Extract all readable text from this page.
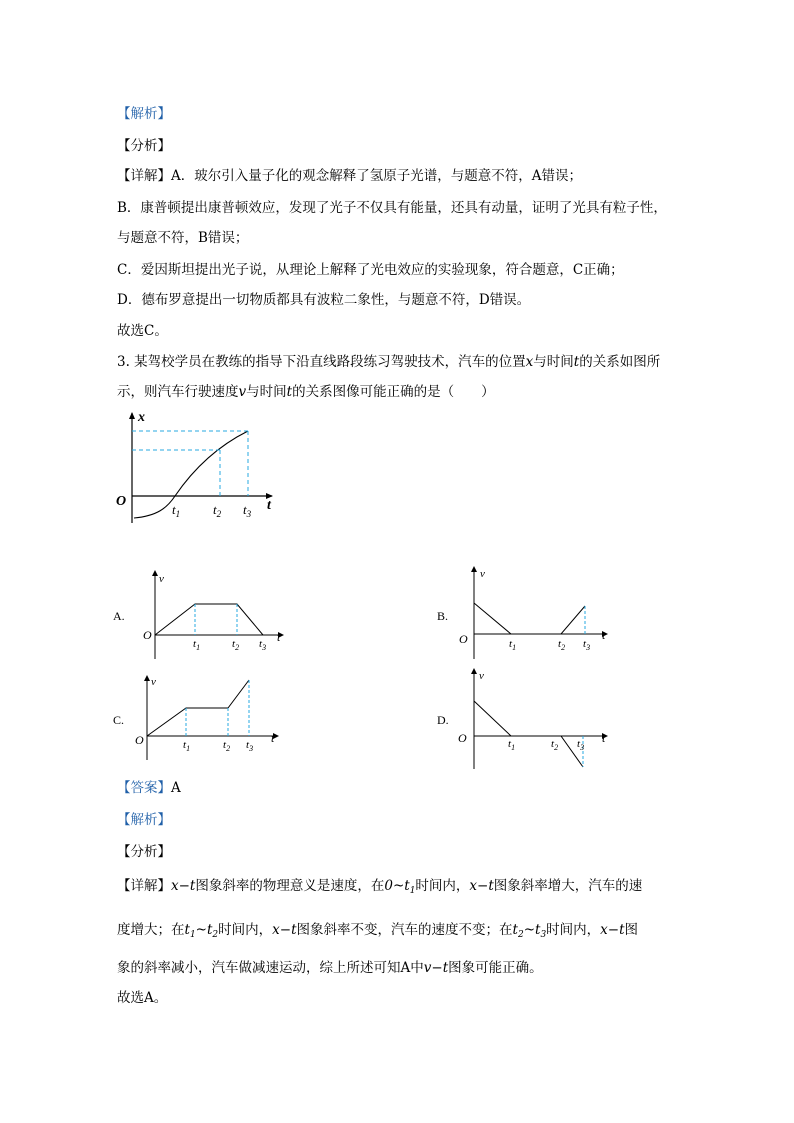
【解析】
【分析】
【详解】A．玻尔引入量子化的观念解释了氢原子光谱，与题意不符，A错误；
B．康普顿提出康普顿效应，发现了光子不仅具有能量，还具有动量，证明了光具有粒子性，
与题意不符，B错误；
C．爱因斯坦提出光子说，从理论上解释了光电效应的实验现象，符合题意，C正确；
D．德布罗意提出一切物质都具有波粒二象性，与题意不符，D错误。
故选C。
3. 某驾校学员在教练的指导下沿直线路段练习驾驶技术，汽车的位置x与时间t的关系如图所
示，则汽车行驶速度v与时间t的关系图像可能正确的是（　　）
x
t
O
$t_1$	$t_2$ $t_3$
A.
v
t
O
$t_1$	$t_2$ $t_3$
B.
v
t
O	$t_1$	$t_2$ $t_3$
C.
v
t
O	$t_1$	$t_2$ $t_3$
D.
v
t
O	$t_1$	$t_2$ $t_3$
【答案】A
【解析】
【分析】
【详解】x−t图象斜率的物理意义是速度，在$0\sim t_1$时间内，x−t图象斜率增大，汽车的速
度增大；在$t_1\sim t_2$时间内，x−t图象斜率不变，汽车的速度不变；在$t_2\sim t_3$时间内，x−t图
象的斜率减小，汽车做减速运动，综上所述可知A中v−t图象可能正确。
故选A。
